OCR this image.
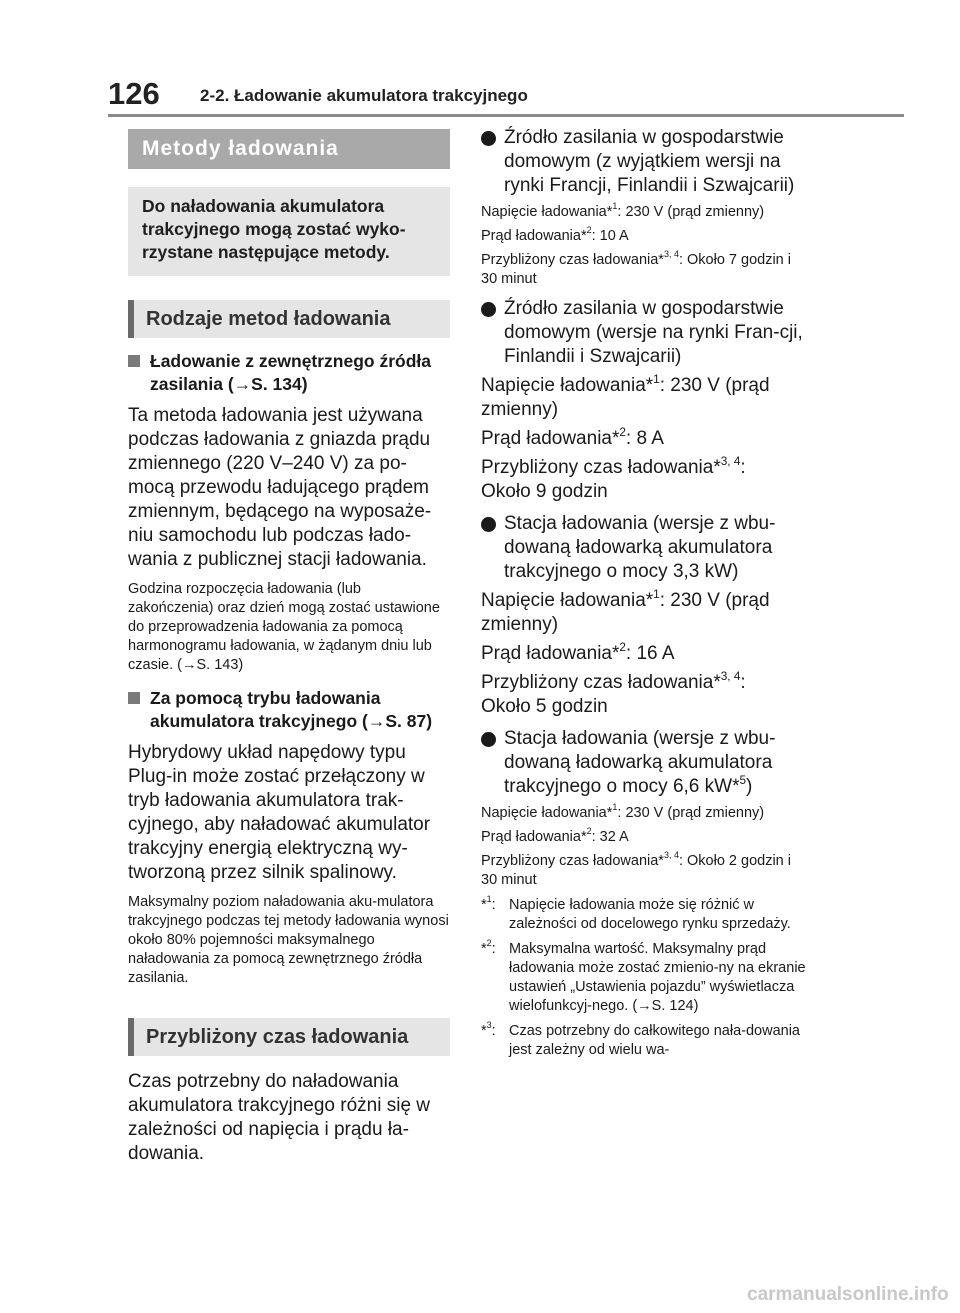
126 2-2. Ładowanie akumulatora trakcyjnego
Metody ładowania
Do naładowania akumulatora trakcyjnego mogą zostać wyko-rzystane następujące metody.
Rodzaje metod ładowania
Ładowanie z zewnętrznego źródła zasilania (→S. 134)
Ta metoda ładowania jest używana podczas ładowania z gniazda prądu zmiennego (220 V–240 V) za po-mocą przewodu ładującego prądem zmiennym, będącego na wyposaże-niu samochodu lub podczas łado-wania z publicznej stacji ładowania.
Godzina rozpoczęcia ładowania (lub zakończenia) oraz dzień mogą zostać ustawione do przeprowadzenia ładowania za pomocą harmonogramu ładowania, w żądanym dniu lub czasie. (→S. 143)
Za pomocą trybu ładowania akumulatora trakcyjnego (→S. 87)
Hybrydowy układ napędowy typu Plug-in może zostać przełączony w tryb ładowania akumulatora trak-cyjnego, aby naładować akumulator trakcyjny energią elektryczną wy-tworzoną przez silnik spalinowy.
Maksymalny poziom naładowania aku-mulatora trakcyjnego podczas tej metody ładowania wynosi około 80% pojemności maksymalnego naładowania za pomocą zewnętrznego źródła zasilania.
Przybliżony czas ładowania
Czas potrzebny do naładowania akumulatora trakcyjnego różni się w zależności od napięcia i prądu ła-dowania.
Źródło zasilania w gospodarstwie domowym (z wyjątkiem wersji na rynki Francji, Finlandii i Szwajcarii)
Napięcie ładowania*$^1$: 230 V (prąd zmienny)
Prąd ładowania*$^2$: 10 A
Przybliżony czas ładowania*$^{3, 4}$: Około 7 godzin i 30 minut
Źródło zasilania w gospodarstwie domowym (wersje na rynki Fran-cji, Finlandii i Szwajcarii)
Napięcie ładowania*$^1$: 230 V (prąd zmienny)
Prąd ładowania*$^2$: 8 A
Przybliżony czas ładowania*$^{3, 4}$:
Około 9 godzin
Stacja ładowania (wersje z wbu-dowaną ładowarką akumulatora trakcyjnego o mocy 3,3 kW)
Napięcie ładowania*$^1$: 230 V (prąd zmienny)
Prąd ładowania*$^2$: 16 A
Przybliżony czas ładowania*$^{3, 4}$:
Około 5 godzin
Stacja ładowania (wersje z wbu-dowaną ładowarką akumulatora trakcyjnego o mocy 6,6 kW*$^5$)
Napięcie ładowania*$^1$: 230 V (prąd zmienny)
Prąd ładowania*$^2$: 32 A
Przybliżony czas ładowania*$^{3, 4}$: Około 2 godzin i 30 minut
*$^1$: Napięcie ładowania może się różnić w zależności od docelowego rynku sprzedaży.
*$^2$: Maksymalna wartość. Maksymalny prąd ładowania może zostać zmienio-ny na ekranie ustawień „Ustawienia pojazdu” wyświetlacza wielofunkcyj-nego. (→S. 124)
*$^3$: Czas potrzebny do całkowitego nała-dowania jest zależny od wielu wa-
carmanualsonline.info
